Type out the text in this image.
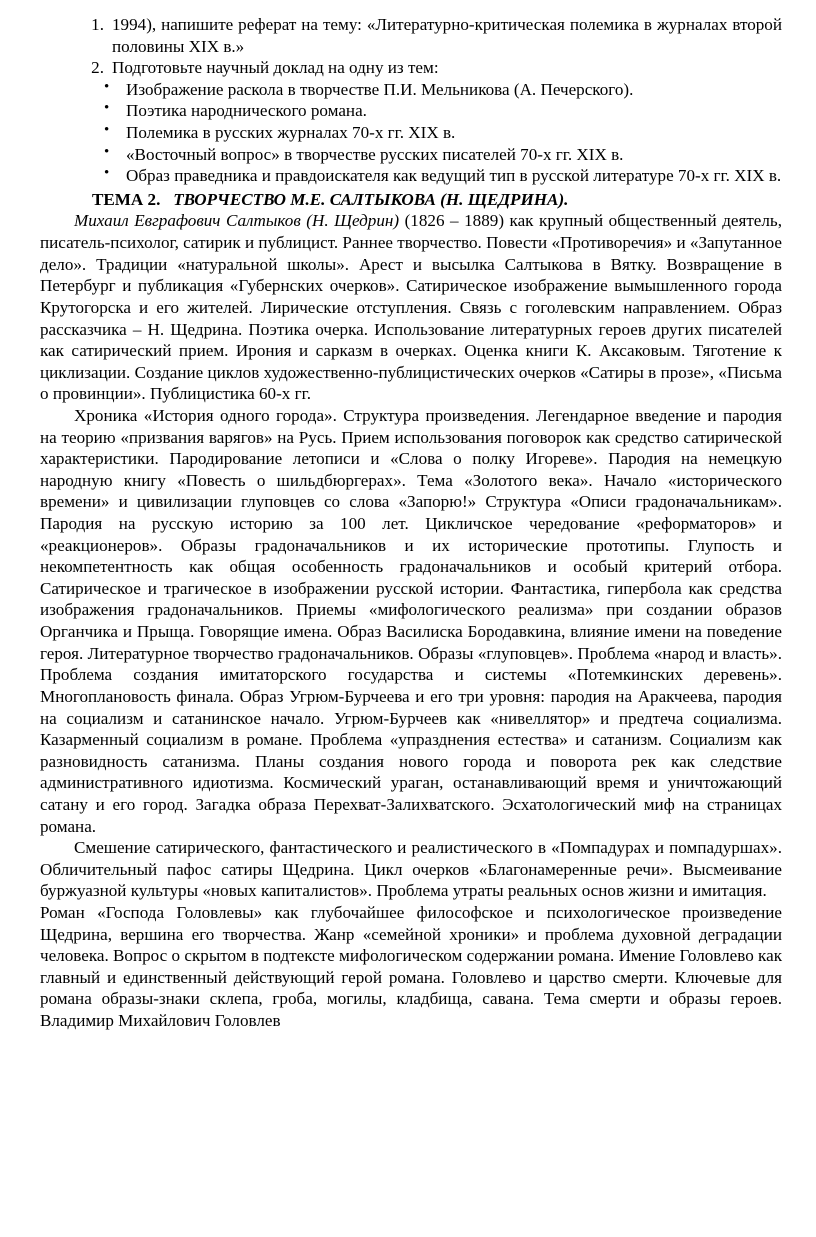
1. 1994), напишите реферат на тему: «Литературно-критическая полемика в журналах второй половины XIX в.»
2. Подготовьте научный доклад на одну из тем:
• Изображение раскола в творчестве П.И. Мельникова (А. Печерского).
• Поэтика народнического романа.
• Полемика в русских журналах 70-х гг. XIX в.
• «Восточный вопрос» в творчестве русских писателей 70-х гг. XIX в.
• Образ праведника и правдоискателя как ведущий тип в русской литературе 70-х гг. XIX в.
ТЕМА 2. ТВОРЧЕСТВО М.Е. САЛТЫКОВА (Н. ЩЕДРИНА).

Михаил Евграфович Салтыков (Н. Щедрин) (1826 – 1889) как крупный общественный деятель, писатель-психолог, сатирик и публицист. Раннее творчество. Повести «Противоречия» и «Запутанное дело». Традиции «натуральной школы». Арест и высылка Салтыкова в Вятку. Возвращение в Петербург и публикация «Губернских очерков». Сатирическое изображение вымышленного города Крутогорска и его жителей. Лирические отступления. Связь с гоголевским направлением. Образ рассказчика – Н. Щедрина. Поэтика очерка. Использование литературных героев других писателей как сатирический прием. Ирония и сарказм в очерках. Оценка книги К. Аксаковым. Тяготение к циклизации. Создание циклов художественно-публицистических очерков «Сатиры в прозе», «Письма о провинции». Публицистика 60-х гг.

Хроника «История одного города». Структура произведения. Легендарное введение и пародия на теорию «призвания варягов» на Русь. Прием использования поговорок как средство сатирической характеристики. Пародирование летописи и «Слова о полку Игореве». Пародия на немецкую народную книгу «Повесть о шильдбюргерах». Тема «Золотого века». Начало «исторического времени» и цивилизации глуповцев со слова «Запорю!» Структура «Описи градоначальникам». Пародия на русскую историю за 100 лет. Цикличское чередование «реформаторов» и «реакционеров». Образы градоначальников и их исторические прототипы. Глупость и некомпетентность как общая особенность градоначальников и особый критерий отбора. Сатирическое и трагическое в изображении русской истории. Фантастика, гипербола как средства изображения градоначальников. Приемы «мифологического реализма» при создании образов Органчика и Прыща. Говорящие имена. Образ Василиска Бородавкина, влияние имени на поведение героя. Литературное творчество градоначальников. Образы «глуповцев». Проблема «народ и власть». Проблема создания имитаторского государства и системы «Потемкинских деревень». Многоплановость финала. Образ Угрюм-Бурчеева и его три уровня: пародия на Аракчеева, пародия на социализм и сатанинское начало. Угрюм-Бурчеев как «нивеллятор» и предтеча социализма. Казарменный социализм в романе. Проблема «упразднения естества» и сатанизм. Социализм как разновидность сатанизма. Планы создания нового города и поворота рек как следствие административного идиотизма. Космический ураган, останавливающий время и уничтожающий сатану и его город. Загадка образа Перехват-Залихватского. Эсхатологический миф на страницах романа.

Смешение сатирического, фантастического и реалистического в «Помпадурах и помпадуршах». Обличительный пафос сатиры Щедрина. Цикл очерков «Благонамеренные речи». Высмеивание буржуазной культуры «новых капиталистов». Проблема утраты реальных основ жизни и имитация.

Роман «Господа Головлевы» как глубочайшее философское и психологическое произведение Щедрина, вершина его творчества. Жанр «семейной хроники» и проблема духовной деградации человека. Вопрос о скрытом в подтексте мифологическом содержании романа. Имение Головлево как главный и единственный действующий герой романа. Головлево и царство смерти. Ключевые для романа образы-знаки склепа, гроба, могилы, кладбища, савана. Тема смерти и образы героев. Владимир Михайлович Головлев
